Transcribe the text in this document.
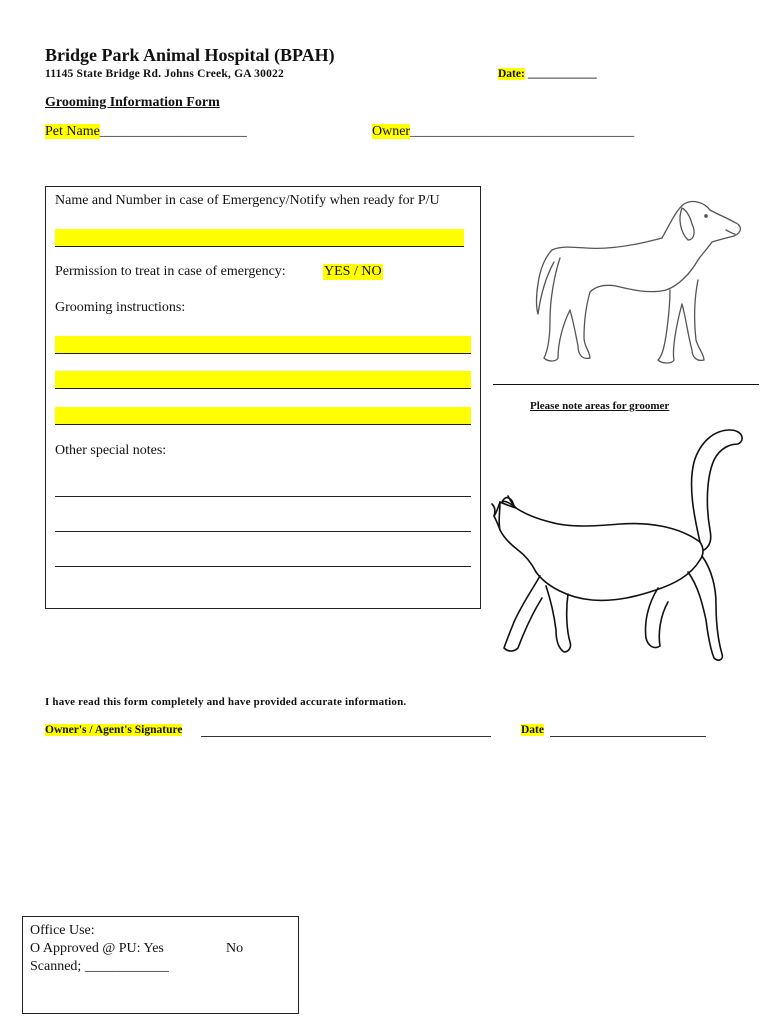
Bridge Park Animal Hospital (BPAH)
11145 State Bridge Rd. Johns Creek, GA 30022	Date: ____________
Grooming Information Form
Pet Name_____________________	Owner________________________________
Name and Number in case of Emergency/Notify when ready for P/U
Permission to treat in case of emergency:	YES / NO
Grooming instructions:
Other special notes:
Please note areas for groomer
I have read this form completely and have provided accurate information.
Owner's / Agent's Signature	Date
Office Use:
O Approved @ PU: Yes	No
Scanned; ____________
